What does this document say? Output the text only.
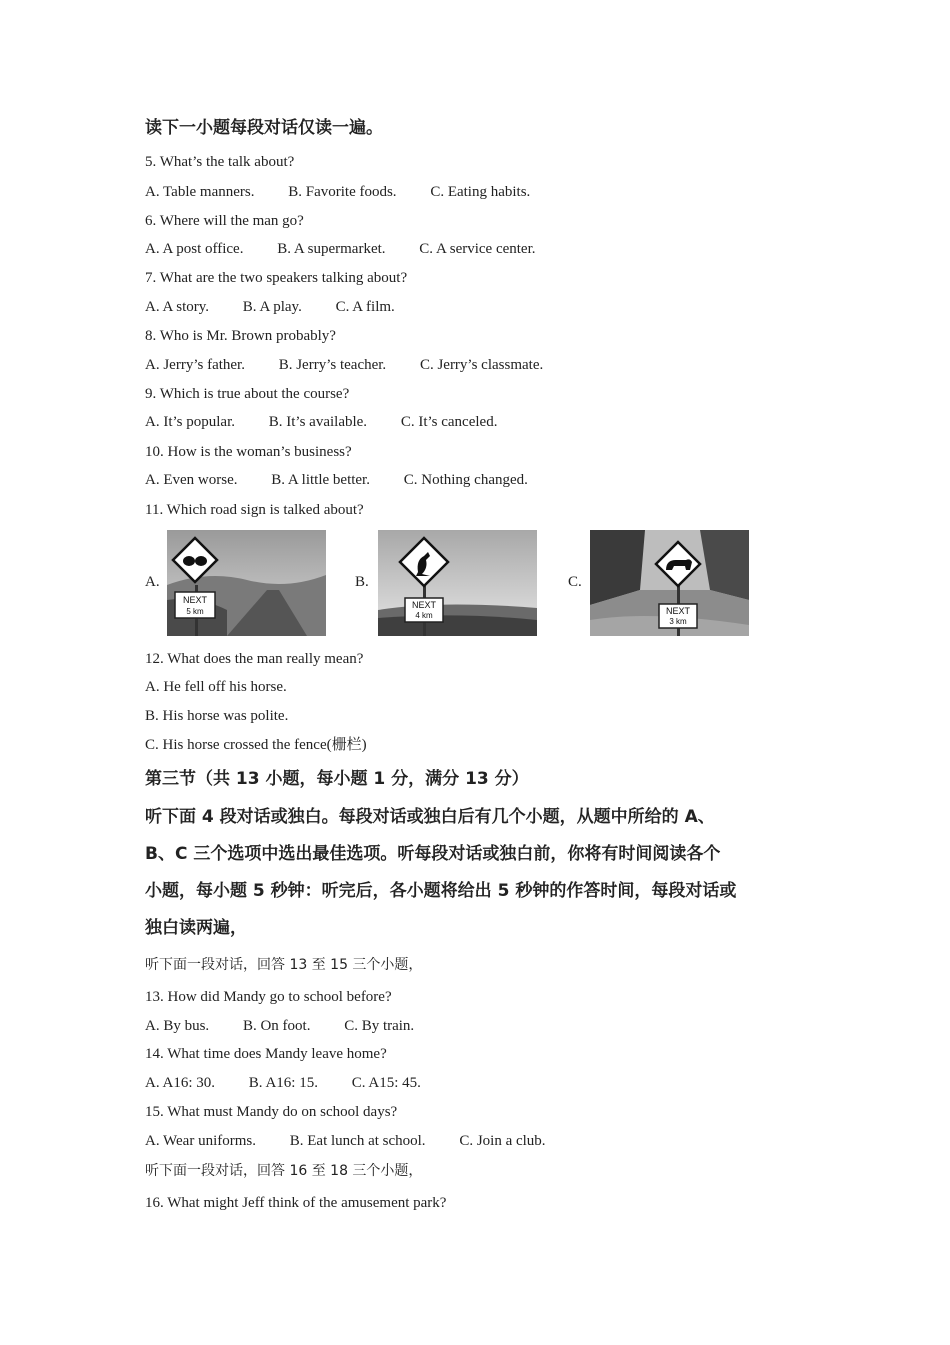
读下一小题每段对话仅读一遍。
5. What’s the talk about?
A. Table manners. B. Favorite foods. C. Eating habits.
6. Where will the man go?
A. A post office. B. A supermarket. C. A service center.
7. What are the two speakers talking about?
A. A story. B. A play. C. A film.
8. Who is Mr. Brown probably?
A. Jerry’s father. B. Jerry’s teacher. C. Jerry’s classmate.
9. Which is true about the course?
A. It’s popular. B. It’s available. C. It’s canceled.
10. How is the woman’s business?
A. Even worse. B. A little better. C. Nothing changed.
11. Which road sign is talked about?
A.
NEXT
5 km
B.
NEXT
4 km
C.
NEXT
3 km
12. What does the man really mean?
A. He fell off his horse.
B. His horse was polite.
C. His horse crossed the fence(栅栏)
第三节（共 13 小题，每小题 1 分，满分 13 分）
听下面 4 段对话或独白。每段对话或独白后有几个小题，从题中所给的 A、
B、C 三个选项中选出最佳选项。听每段对话或独白前，你将有时间阅读各个
小题，每小题 5 秒钟：听完后，各小题将给出 5 秒钟的作答时间，每段对话或
独白读两遍，
听下面一段对话，回答 13 至 15 三个小题，
13. How did Mandy go to school before?
A. By bus. B. On foot. C. By train.
14. What time does Mandy leave home?
A. A16: 30. B. A16: 15. C. A15: 45.
15. What must Mandy do on school days?
A. Wear uniforms. B. Eat lunch at school. C. Join a club.
听下面一段对话，回答 16 至 18 三个小题，
16. What might Jeff think of the amusement park?
